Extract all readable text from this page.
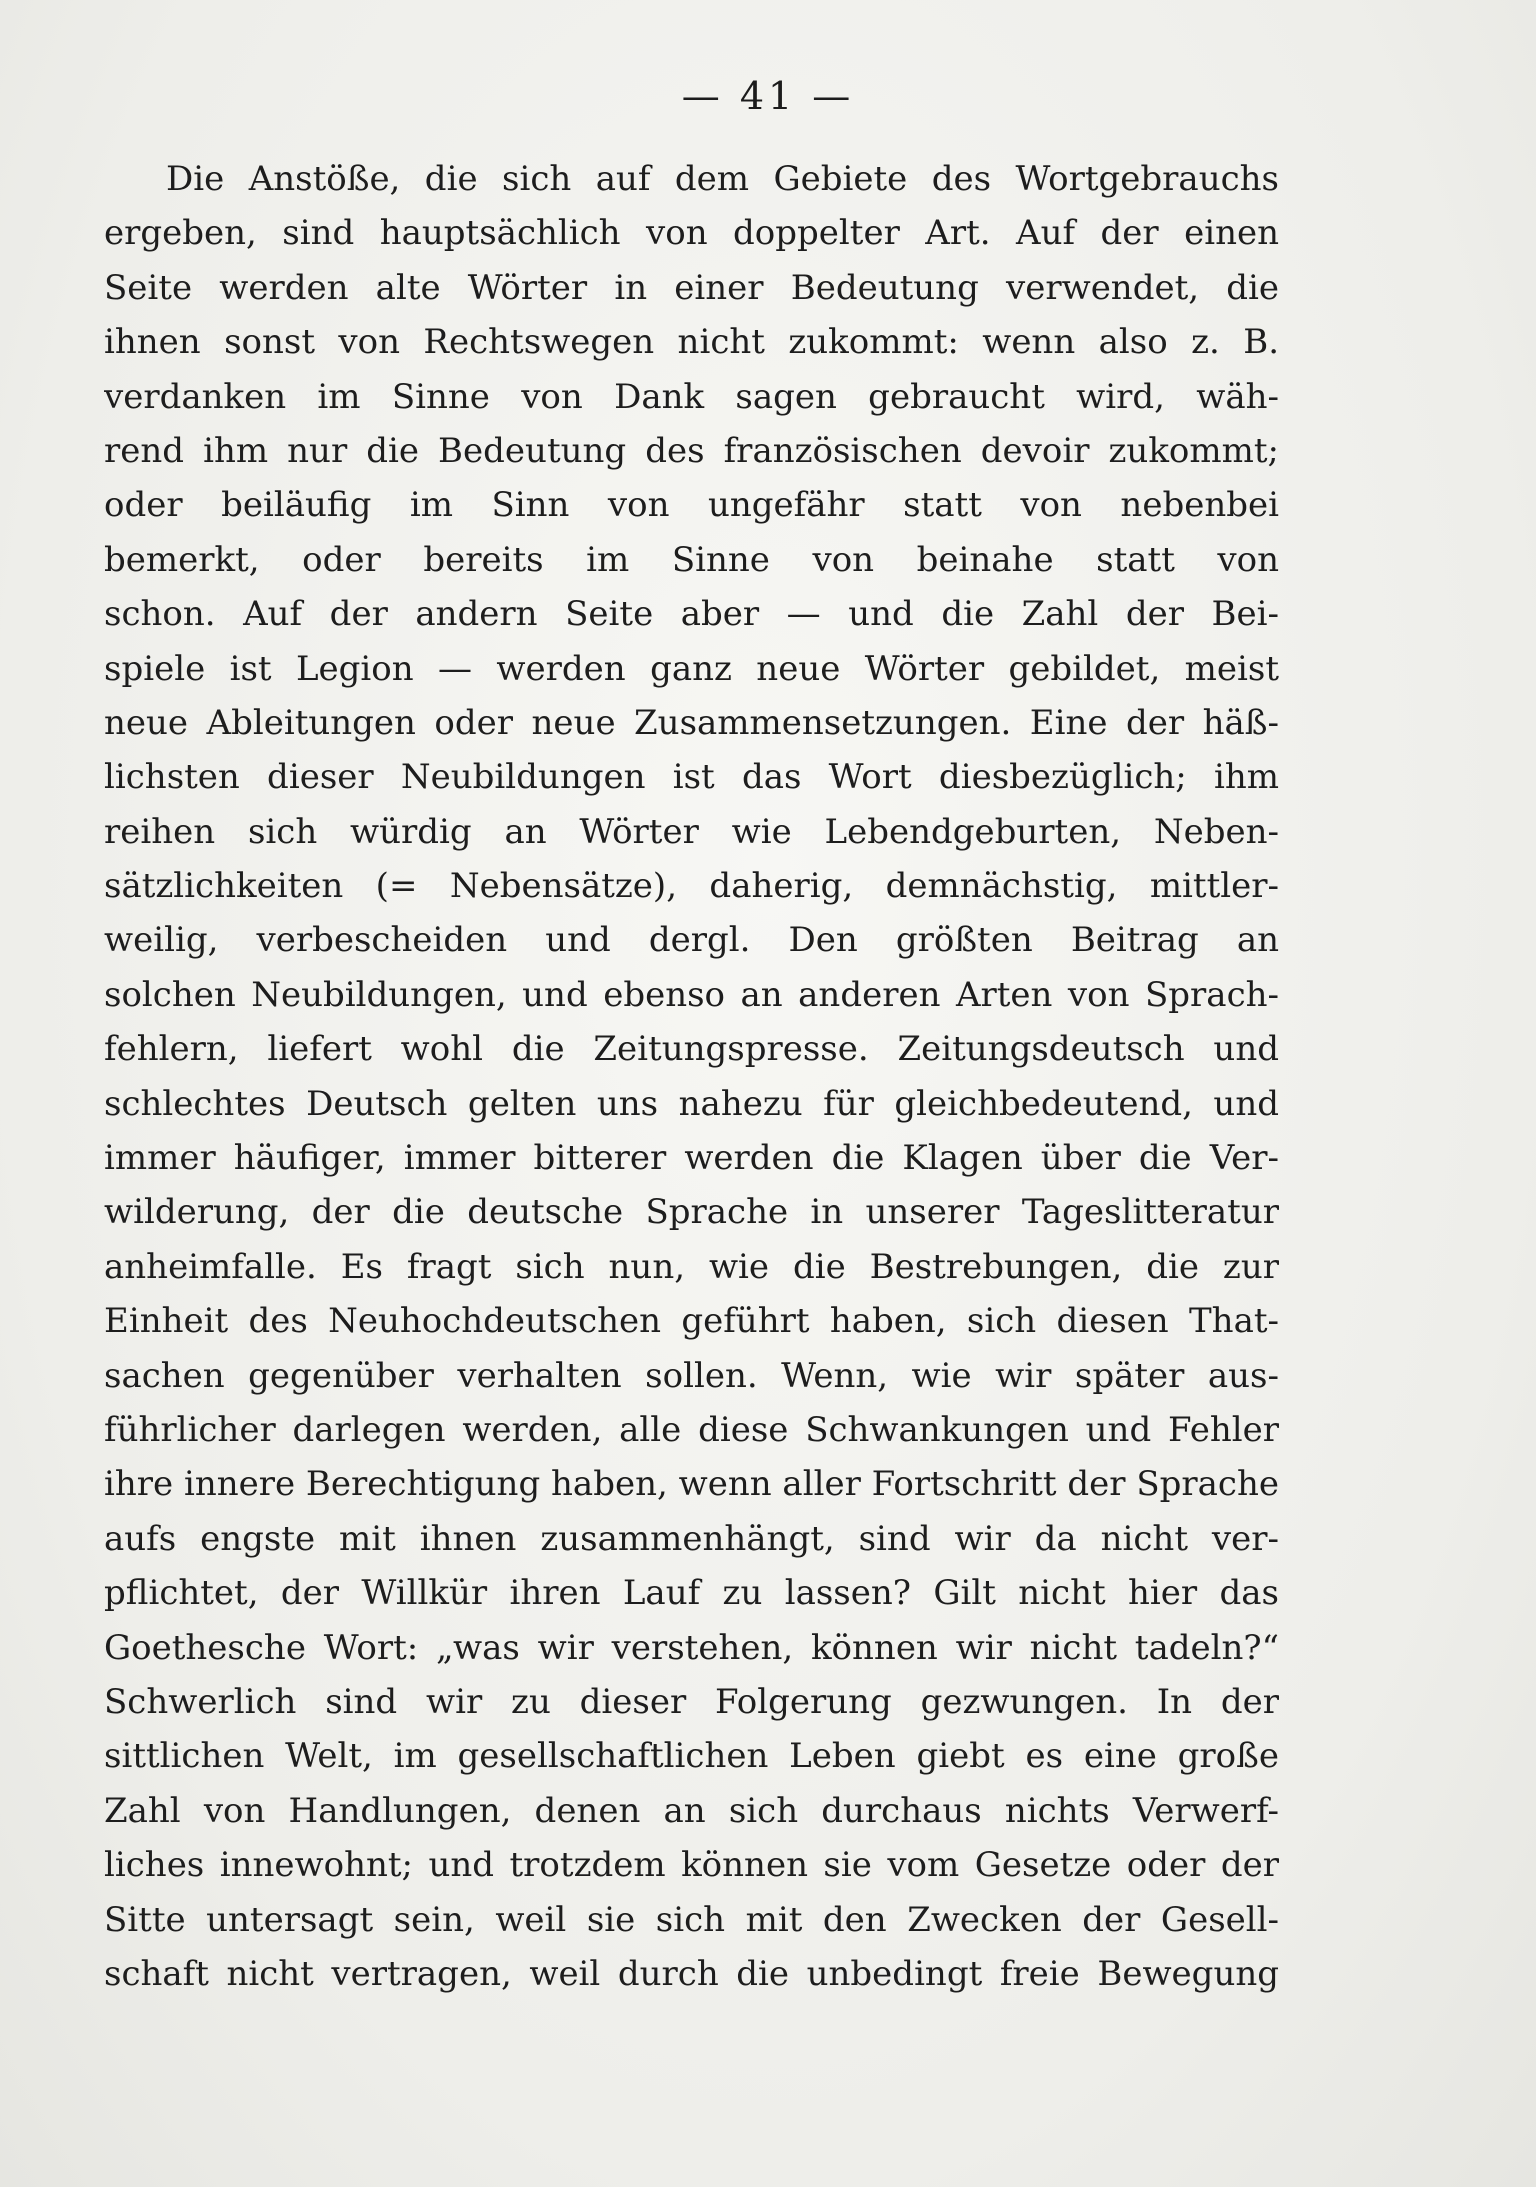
— 41 —
Die Anstöße, die sich auf dem Gebiete des Wortgebrauchs
ergeben, sind hauptsächlich von doppelter Art. Auf der einen
Seite werden alte Wörter in einer Bedeutung verwendet, die
ihnen sonst von Rechtswegen nicht zukommt: wenn also z. B.
verdanken im Sinne von Dank sagen gebraucht wird, wäh-
rend ihm nur die Bedeutung des französischen devoir zukommt;
oder beiläufig im Sinn von ungefähr statt von nebenbei
bemerkt, oder bereits im Sinne von beinahe statt von
schon. Auf der andern Seite aber — und die Zahl der Bei-
spiele ist Legion — werden ganz neue Wörter gebildet, meist
neue Ableitungen oder neue Zusammensetzungen. Eine der häß-
lichsten dieser Neubildungen ist das Wort diesbezüglich; ihm
reihen sich würdig an Wörter wie Lebendgeburten, Neben-
sätzlichkeiten (= Nebensätze), daherig, demnächstig, mittler-
weilig, verbescheiden und dergl. Den größten Beitrag an
solchen Neubildungen, und ebenso an anderen Arten von Sprach-
fehlern, liefert wohl die Zeitungspresse. Zeitungsdeutsch und
schlechtes Deutsch gelten uns nahezu für gleichbedeutend, und
immer häufiger, immer bitterer werden die Klagen über die Ver-
wilderung, der die deutsche Sprache in unserer Tageslitteratur
anheimfalle. Es fragt sich nun, wie die Bestrebungen, die zur
Einheit des Neuhochdeutschen geführt haben, sich diesen That-
sachen gegenüber verhalten sollen. Wenn, wie wir später aus-
führlicher darlegen werden, alle diese Schwankungen und Fehler
ihre innere Berechtigung haben, wenn aller Fortschritt der Sprache
aufs engste mit ihnen zusammenhängt, sind wir da nicht ver-
pflichtet, der Willkür ihren Lauf zu lassen? Gilt nicht hier das
Goethesche Wort: „was wir verstehen, können wir nicht tadeln?“
Schwerlich sind wir zu dieser Folgerung gezwungen. In der
sittlichen Welt, im gesellschaftlichen Leben giebt es eine große
Zahl von Handlungen, denen an sich durchaus nichts Verwerf-
liches innewohnt; und trotzdem können sie vom Gesetze oder der
Sitte untersagt sein, weil sie sich mit den Zwecken der Gesell-
schaft nicht vertragen, weil durch die unbedingt freie Bewegung
